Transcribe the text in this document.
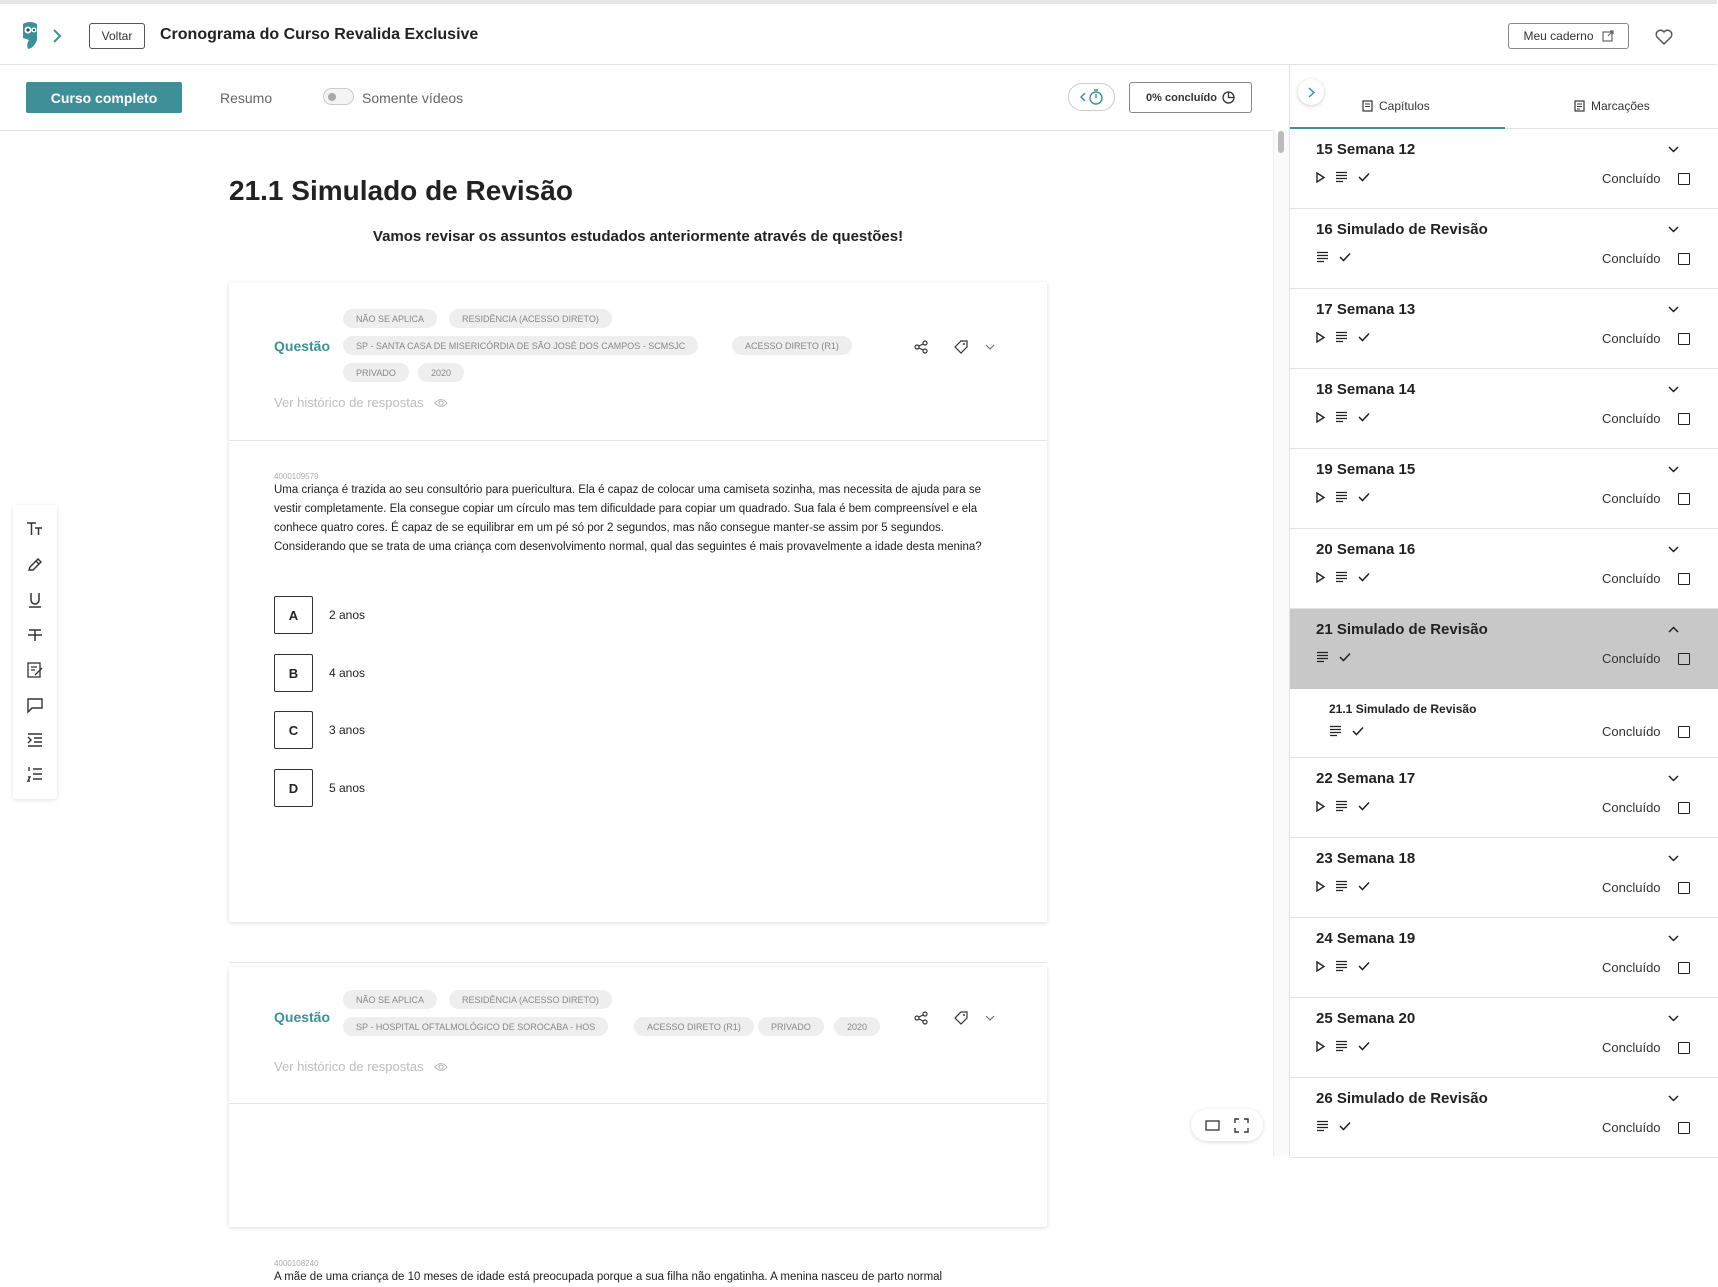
Voltar	Cronograma do Curso Revalida Exclusive	Meu caderno
Curso completo	Resumo	Somente vídeos	0% concluído
21.1 Simulado de Revisão
Vamos revisar os assuntos estudados anteriormente através de questões!
Questão
NÃO SE APLICA	RESIDÊNCIA (ACESSO DIRETO)
SP - SANTA CASA DE MISERICÓRDIA DE SÃO JOSÉ DOS CAMPOS - SCMSJC	ACESSO DIRETO (R1)
PRIVADO	2020
Ver histórico de respostas
4000109579
Uma criança é trazida ao seu consultório para puericultura. Ela é capaz de colocar uma camiseta sozinha, mas necessita de ajuda para se vestir completamente. Ela consegue copiar um círculo mas tem dificuldade para copiar um quadrado. Sua fala é bem compreensível e ela conhece quatro cores. É capaz de se equilibrar em um pé só por 2 segundos, mas não consegue manter-se assim por 5 segundos. Considerando que se trata de uma criança com desenvolvimento normal, qual das seguintes é mais provavelmente a idade desta menina?
A	2 anos
B	4 anos
C	3 anos
D	5 anos
Questão
NÃO SE APLICA	RESIDÊNCIA (ACESSO DIRETO)
SP - HOSPITAL OFTALMOLÓGICO DE SOROCABA - HOS	ACESSO DIRETO (R1)	PRIVADO	2020
Ver histórico de respostas
4000108240
A mãe de uma criança de 10 meses de idade está preocupada porque a sua filha não engatinha. A menina nasceu de parto normal
Capítulos	Marcações
15 Semana 12
Concluído
16 Simulado de Revisão
Concluído
17 Semana 13
Concluído
18 Semana 14
Concluído
19 Semana 15
Concluído
20 Semana 16
Concluído
21 Simulado de Revisão
Concluído
21.1 Simulado de Revisão
Concluído
22 Semana 17
Concluído
23 Semana 18
Concluído
24 Semana 19
Concluído
25 Semana 20
Concluído
26 Simulado de Revisão
Concluído
